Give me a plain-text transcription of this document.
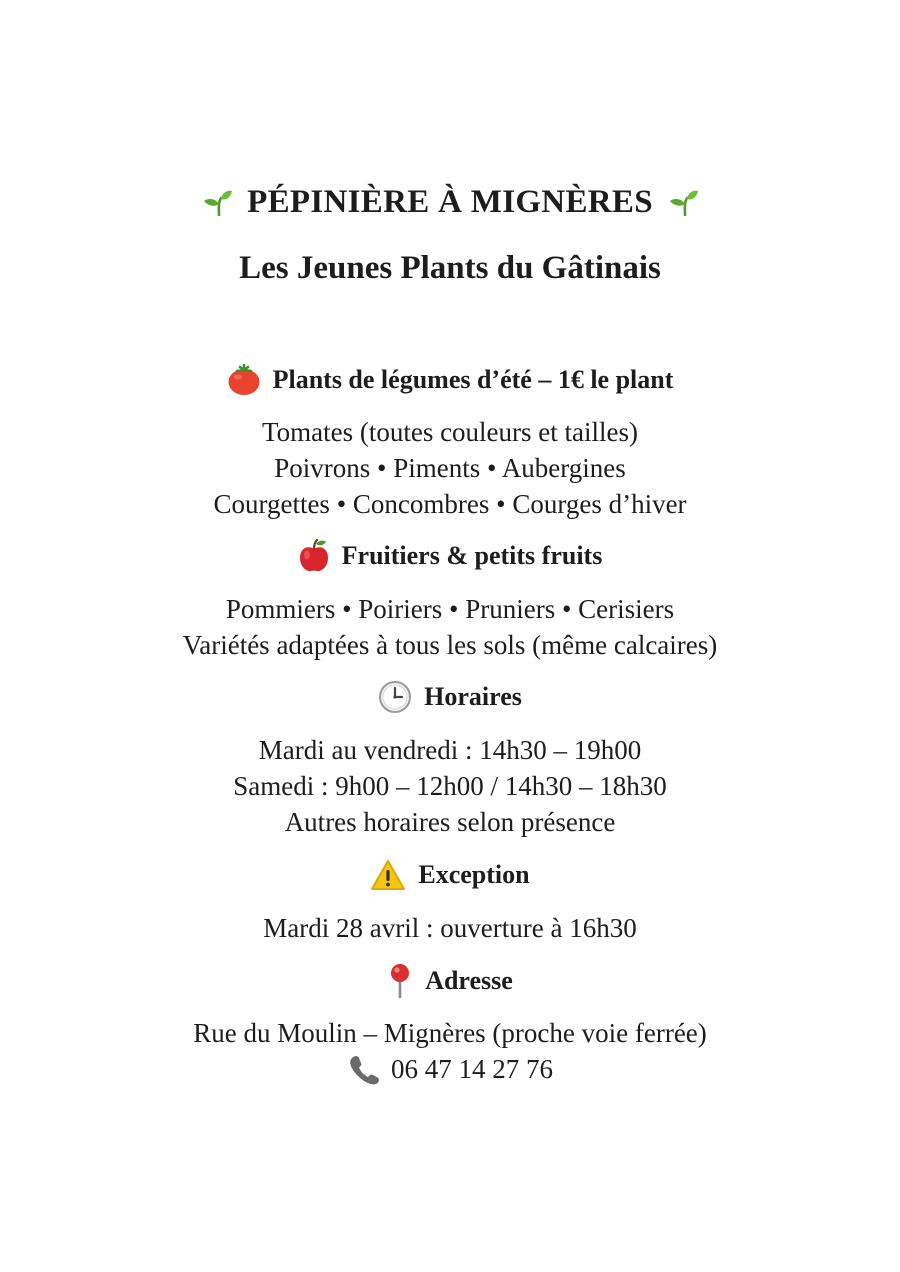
PÉPINIÈRE À MIGNÈRES
Les Jeunes Plants du Gâtinais
Plants de légumes d’été – 1€ le plant
Tomates (toutes couleurs et tailles)
Poivrons • Piments • Aubergines
Courgettes • Concombres • Courges d’hiver
Fruitiers & petits fruits
Pommiers • Poiriers • Pruniers • Cerisiers
Variétés adaptées à tous les sols (même calcaires)
Horaires
Mardi au vendredi : 14h30 – 19h00
Samedi : 9h00 – 12h00 / 14h30 – 18h30
Autres horaires selon présence
Exception
Mardi 28 avril : ouverture à 16h30
Adresse
Rue du Moulin – Mignères (proche voie ferrée)
06 47 14 27 76
